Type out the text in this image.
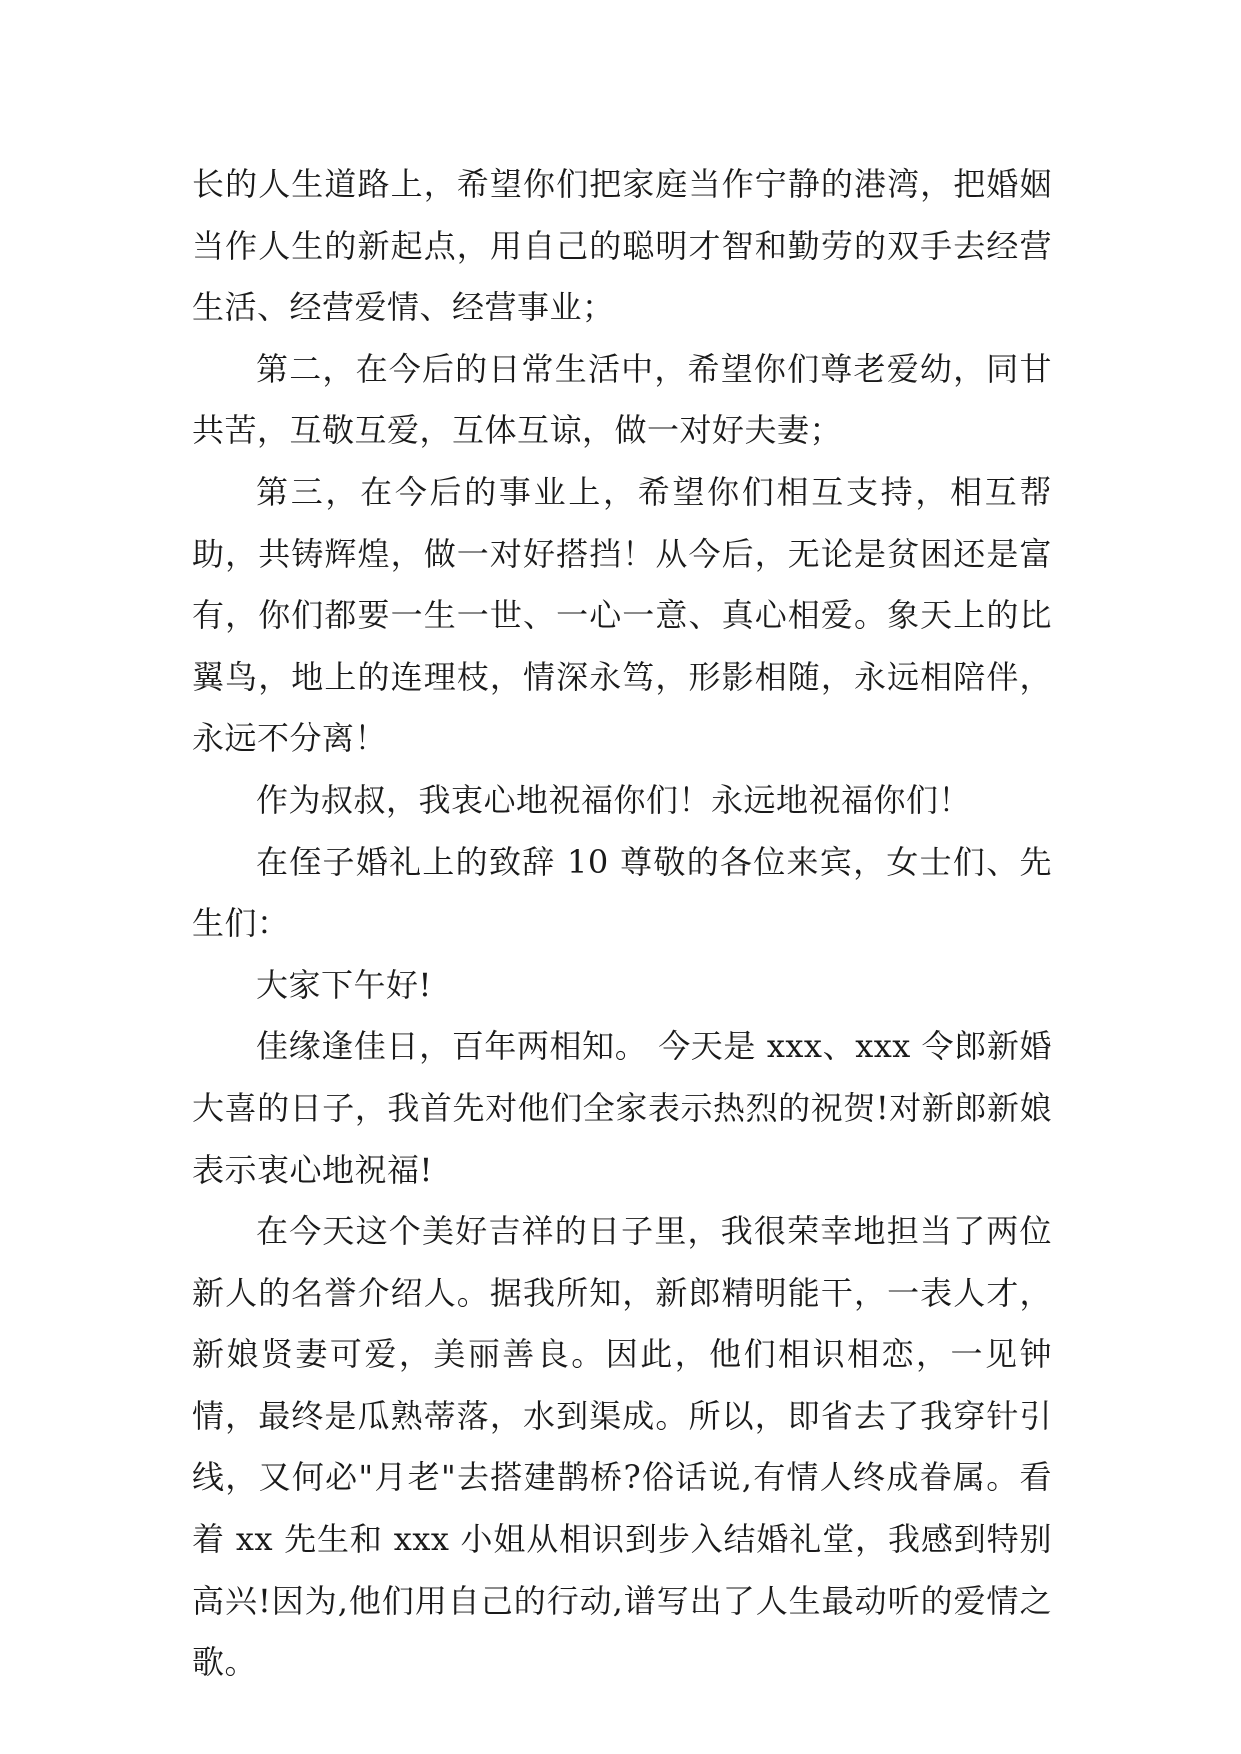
长的人生道路上，希望你们把家庭当作宁静的港湾，把婚姻当作人生的新起点，用自己的聪明才智和勤劳的双手去经营生活、经营爱情、经营事业；

第二，在今后的日常生活中，希望你们尊老爱幼，同甘共苦，互敬互爱，互体互谅，做一对好夫妻；

第三，在今后的事业上，希望你们相互支持，相互帮助，共铸辉煌，做一对好搭挡！从今后，无论是贫困还是富有，你们都要一生一世、一心一意、真心相爱。象天上的比翼鸟，地上的连理枝，情深永笃，形影相随，永远相陪伴，永远不分离！

作为叔叔，我衷心地祝福你们！永远地祝福你们！

在侄子婚礼上的致辞 10 尊敬的各位来宾，女士们、先生们：

大家下午好!

佳缘逢佳日，百年两相知。 今天是 xxx、xxx 令郎新婚大喜的日子，我首先对他们全家表示热烈的祝贺!对新郎新娘表示衷心地祝福!

在今天这个美好吉祥的日子里，我很荣幸地担当了两位新人的名誉介绍人。据我所知，新郎精明能干，一表人才，新娘贤妻可爱，美丽善良。因此，他们相识相恋，一见钟情，最终是瓜熟蒂落，水到渠成。所以，即省去了我穿针引线，又何必"月老"去搭建鹊桥?俗话说,有情人终成眷属。看着 xx 先生和 xxx 小姐从相识到步入结婚礼堂，我感到特别高兴!因为,他们用自己的行动,谱写出了人生最动听的爱情之歌。
